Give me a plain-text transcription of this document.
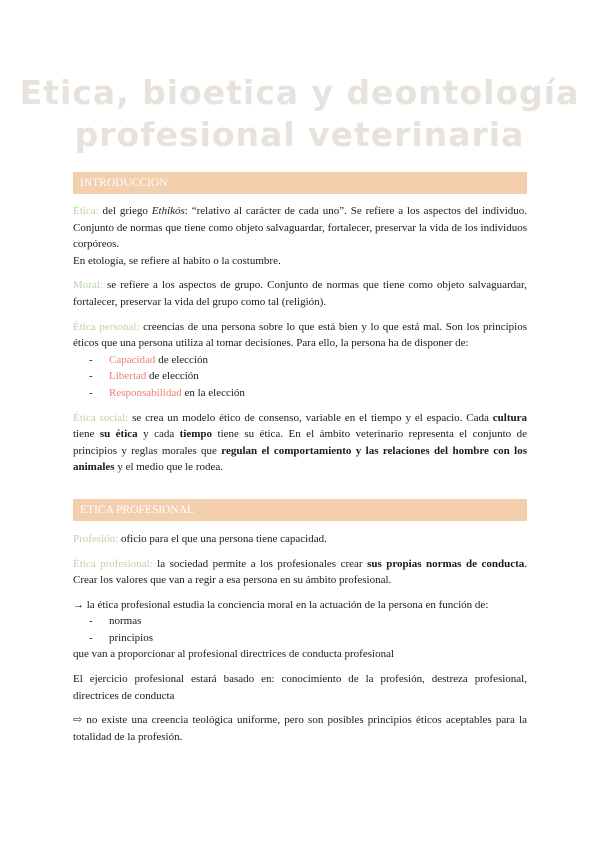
Etica, bioetica y deontología
profesional veterinaria
INTRODUCCION

Ética: del griego Ethikós: “relativo al carácter de cada uno”. Se refiere a los aspectos del individuo. Conjunto de normas que tiene como objeto salvaguardar, fortalecer, preservar la vida de los individuos corpóreos.

En etología, se refiere al habito o la costumbre.

Moral: se refiere a los aspectos de grupo. Conjunto de normas que tiene como objeto salvaguardar, fortalecer, preservar la vida del grupo como tal (religión).

Ética personal: creencias de una persona sobre lo que está bien y lo que está mal. Son los principios éticos que una persona utiliza al tomar decisiones. Para ello, la persona ha de disponer de:

-	Capacidad de elección
-	Libertad de elección
-	Responsabilidad en la elección

Ética social: se crea un modelo ético de consenso, variable en el tiempo y el espacio. Cada cultura tiene su ética y cada tiempo tiene su ética. En el ámbito veterinario representa el conjunto de principios y reglas morales que regulan el comportamiento y las relaciones del hombre con los animales y el medio que le rodea.

ETICA PROFESIONAL

Profesión: oficio para el que una persona tiene capacidad.

Ética profesional: la sociedad permite a los profesionales crear sus propias normas de conducta. Crear los valores que van a regir a esa persona en su ámbito profesional.

→ la ética profesional estudia la conciencia moral en la actuación de la persona en función de:

-	normas
-	principios

que van a proporcionar al profesional directrices de conducta profesional

El ejercicio profesional estará basado en: conocimiento de la profesión, destreza profesional, directrices de conducta

⇨ no existe una creencia teológica uniforme, pero son posibles principios éticos aceptables para la totalidad de la profesión.
